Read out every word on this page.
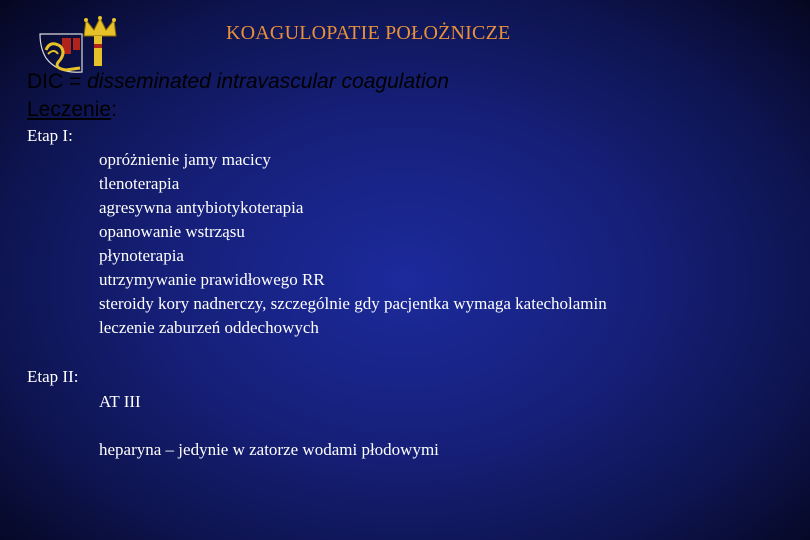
KOAGULOPATIE POŁOŻNICZE
DIC = disseminated intravascular coagulation
Leczenie:
Etap I:
opróżnienie jamy macicy
tlenoterapia
agresywna antybiotykoterapia
opanowanie wstrząsu
płynoterapia
utrzymywanie prawidłowego RR
steroidy kory nadnerczy, szczególnie gdy pacjentka wymaga katecholamin
leczenie zaburzeń oddechowych
Etap II:
AT III
heparyna – jedynie w zatorze wodami płodowymi
